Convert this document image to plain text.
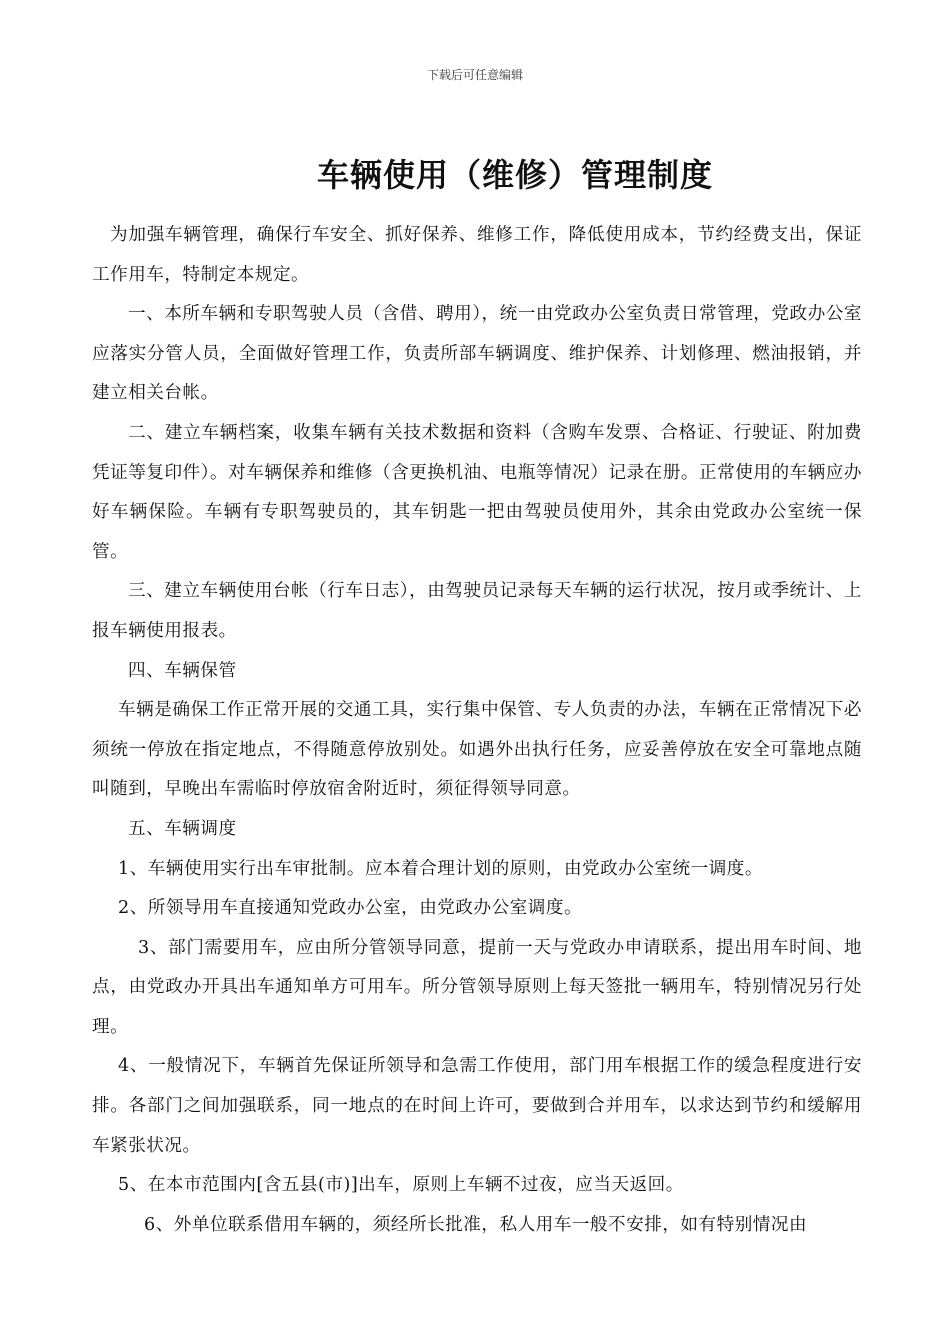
下载后可任意编辑
车辆使用（维修）管理制度

为加强车辆管理，确保行车安全、抓好保养、维修工作，降低使用成本，节约经费支出，保证工作用车，特制定本规定。

一、本所车辆和专职驾驶人员（含借、聘用），统一由党政办公室负责日常管理，党政办公室应落实分管人员，全面做好管理工作，负责所部车辆调度、维护保养、计划修理、燃油报销，并建立相关台帐。

二、建立车辆档案，收集车辆有关技术数据和资料（含购车发票、合格证、行驶证、附加费凭证等复印件）。对车辆保养和维修（含更换机油、电瓶等情况）记录在册。正常使用的车辆应办好车辆保险。车辆有专职驾驶员的，其车钥匙一把由驾驶员使用外，其余由党政办公室统一保管。

三、建立车辆使用台帐（行车日志），由驾驶员记录每天车辆的运行状况，按月或季统计、上报车辆使用报表。

四、车辆保管

车辆是确保工作正常开展的交通工具，实行集中保管、专人负责的办法，车辆在正常情况下必须统一停放在指定地点，不得随意停放别处。如遇外出执行任务，应妥善停放在安全可靠地点随叫随到，早晚出车需临时停放宿舍附近时，须征得领导同意。

五、车辆调度

1、车辆使用实行出车审批制。应本着合理计划的原则，由党政办公室统一调度。

2、所领导用车直接通知党政办公室，由党政办公室调度。

3、部门需要用车，应由所分管领导同意，提前一天与党政办申请联系，提出用车时间、地点，由党政办开具出车通知单方可用车。所分管领导原则上每天签批一辆用车，特别情况另行处理。

4、一般情况下，车辆首先保证所领导和急需工作使用，部门用车根据工作的缓急程度进行安排。各部门之间加强联系，同一地点的在时间上许可，要做到合并用车，以求达到节约和缓解用车紧张状况。

5、在本市范围内[含五县(市)]出车，原则上车辆不过夜，应当天返回。

6、外单位联系借用车辆的，须经所长批准，私人用车一般不安排，如有特别情况由
